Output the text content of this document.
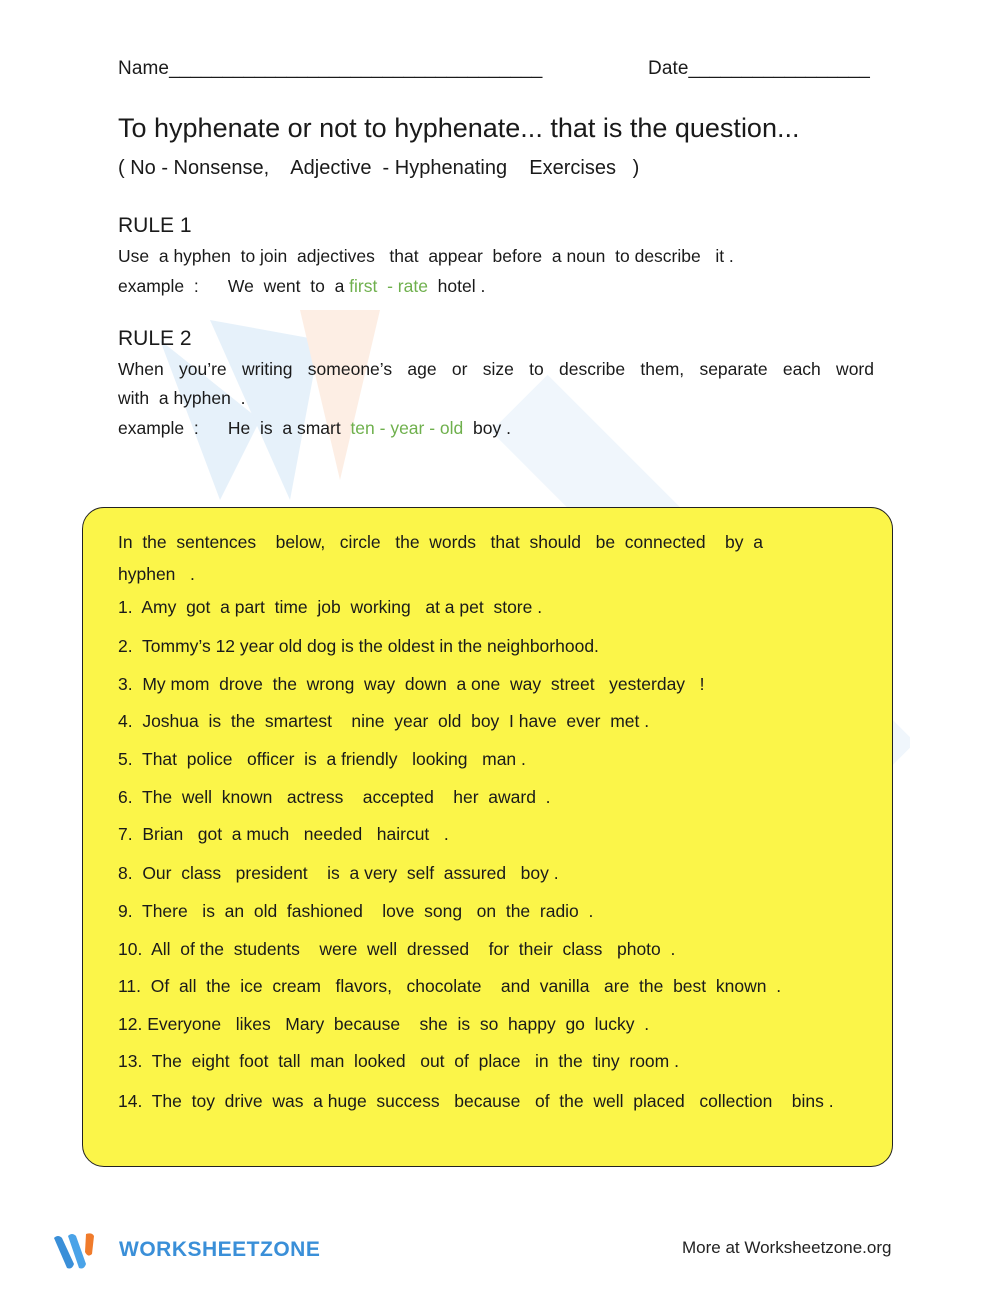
Name___________________________________	Date_________________
To hyphenate or not to hyphenate... that is the question...
( No - Nonsense,    Adjective  - Hyphenating    Exercises   )
RULE 1
Use  a hyphen  to join  adjectives   that  appear  before  a noun  to describe   it .
example  :      We  went  to  a first  - rate  hotel .
RULE 2
When  you’re  writing  someone’s  age  or  size  to  describe  them,  separate  each  word
with  a hyphen  .
example  :      He  is  a smart  ten - year - old  boy .
In  the  sentences    below,   circle   the  words   that  should   be  connected    by  a
hyphen   .
1.  Amy  got  a part  time  job  working   at a pet  store .
2.  Tommy’s 12 year old dog is the oldest in the neighborhood.
3.  My mom  drove  the  wrong  way  down  a one  way  street   yesterday   !
4.  Joshua  is  the  smartest    nine  year  old  boy  I have  ever  met .
5.  That  police   officer  is  a friendly   looking   man .
6.  The  well  known   actress    accepted    her  award  .
7.  Brian   got  a much   needed   haircut   .
8.  Our  class   president    is  a very  self  assured   boy .
9.  There   is  an  old  fashioned    love  song   on  the  radio  .
10.  All  of the  students    were  well  dressed    for  their  class   photo  .
11.  Of  all  the  ice  cream   flavors,   chocolate    and  vanilla   are  the  best  known  .
12. Everyone   likes   Mary  because    she  is  so  happy  go  lucky  .
13.  The  eight  foot  tall  man  looked   out  of  place   in  the  tiny  room .
14.  The  toy  drive  was  a huge  success   because   of  the  well  placed   collection    bins .
WORKSHEETZONE	More at Worksheetzone.org
